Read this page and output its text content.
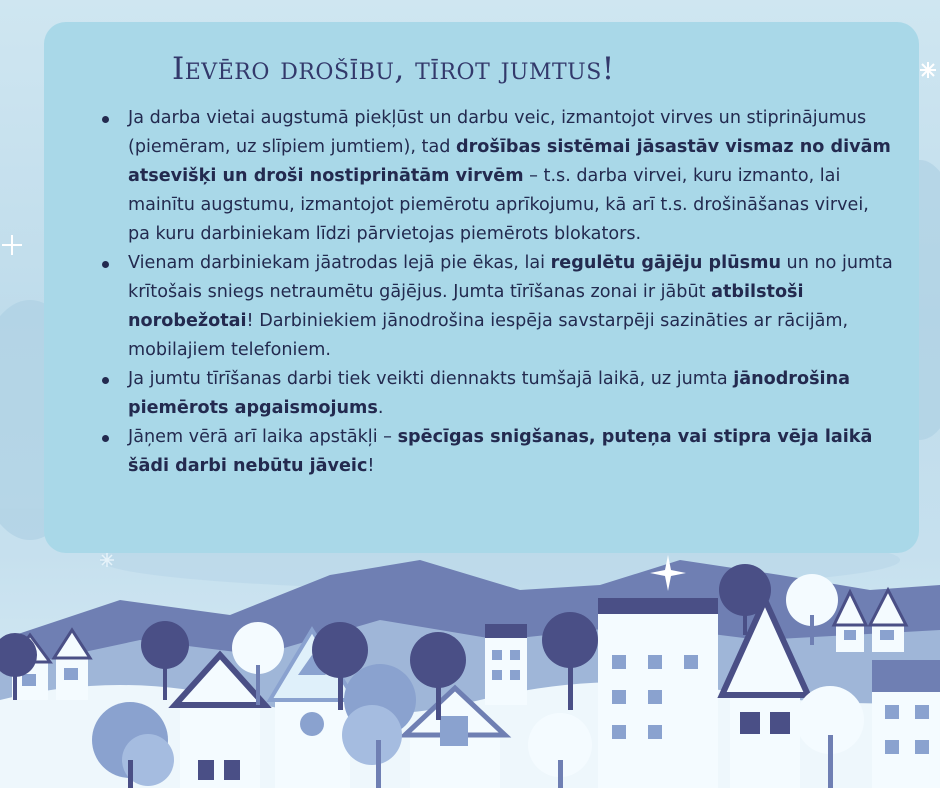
Ievēro drošību, tīrot jumtus!
Ja darba vietai augstumā piekļūst un darbu veic, izmantojot virves un stiprinājumus (piemēram, uz slīpiem jumtiem), tad drošības sistēmai jāsastāv vismaz no divām atsevišķi un droši nostiprinātām virvēm – t.s. darba virvei, kuru izmanto, lai mainītu augstumu, izmantojot piemērotu aprīkojumu, kā arī t.s. drošināšanas virvei, pa kuru darbiniekam līdzi pārvietojas piemērots blokators.
Vienam darbiniekam jāatrodas lejā pie ēkas, lai regulētu gājēju plūsmu un no jumta krītošais sniegs netraumētu gājējus. Jumta tīrīšanas zonai ir jābūt atbilstoši norobežotai! Darbiniekiem jānodrošina iespēja savstarpēji sazināties ar rācijām, mobilajiem telefoniem.
Ja jumtu tīrīšanas darbi tiek veikti diennakts tumšajā laikā, uz jumta jānodrošina piemērots apgaismojums.
Jāņem vērā arī laika apstākļi – spēcīgas snigšanas, puteņa vai stipra vēja laikā šādi darbi nebūtu jāveic!
